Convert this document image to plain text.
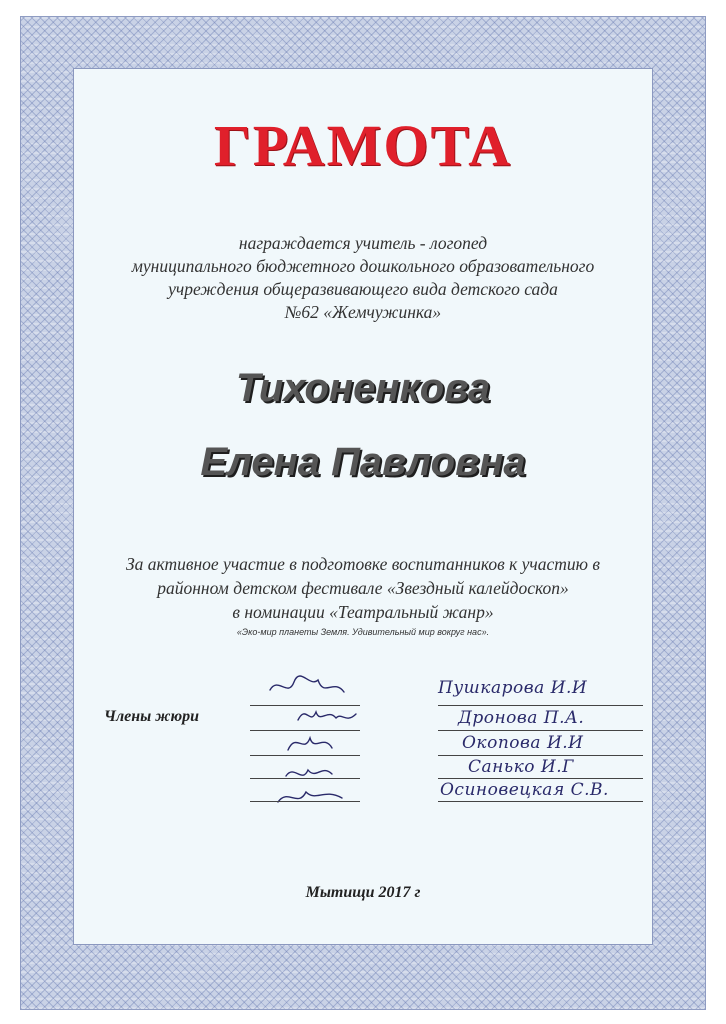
ГРАМОТА
награждается учитель - логопед
муниципального бюджетного дошкольного образовательного
учреждения общеразвивающего вида детского сада
№62 «Жемчужинка»
Тихоненкова
Елена Павловна
За активное участие в подготовке воспитанников к участию в
районном детском фестивале «Звездный калейдоскоп»
в номинации «Театральный жанр»
«Эко-мир планеты Земля. Удивительный мир вокруг нас».
Члены жюри
Пушкарова И.И
Дронова П.А.
Окопова И.И
Санько И.Г
Осиновецкая С.В.
Мытищи 2017 г
